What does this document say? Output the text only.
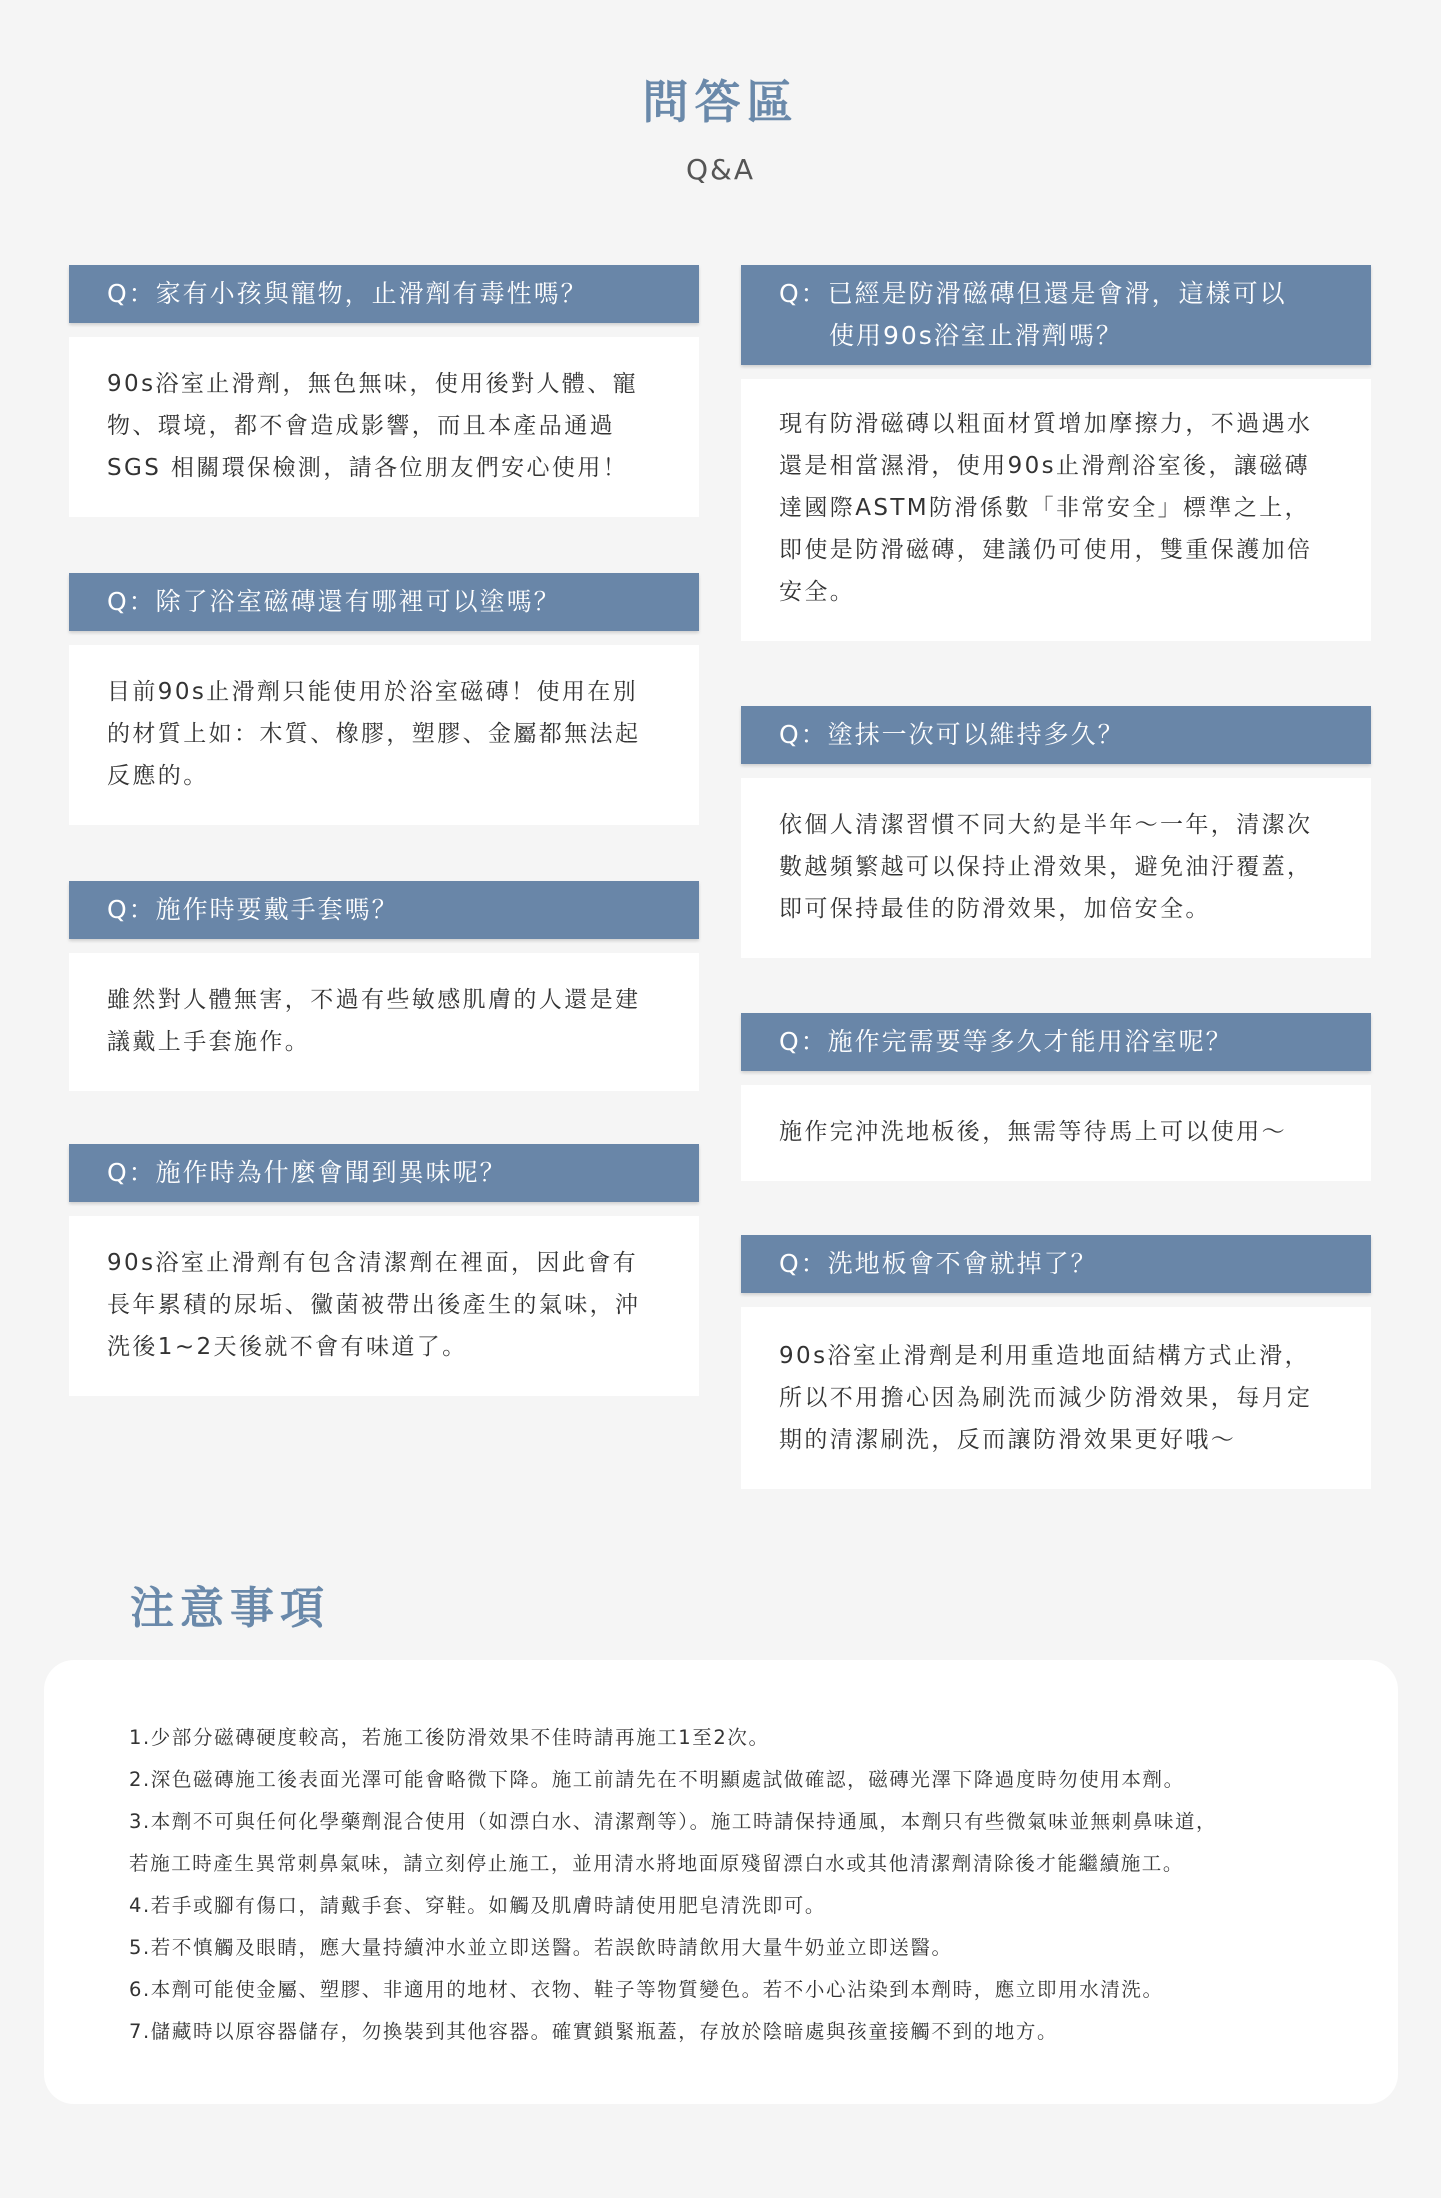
問答區
Q&A
Q：家有小孩與寵物，止滑劑有毒性嗎？
90s浴室止滑劑，無色無味，使用後對人體、寵
物、環境，都不會造成影響，而且本產品通過
SGS 相關環保檢測，請各位朋友們安心使用！
Q：除了浴室磁磚還有哪裡可以塗嗎？
目前90s止滑劑只能使用於浴室磁磚！使用在別
的材質上如：木質、橡膠，塑膠、金屬都無法起
反應的。
Q：施作時要戴手套嗎？
雖然對人體無害，不過有些敏感肌膚的人還是建
議戴上手套施作。
Q：施作時為什麼會聞到異味呢？
90s浴室止滑劑有包含清潔劑在裡面，因此會有
長年累積的尿垢、黴菌被帶出後產生的氣味，沖
洗後1~2天後就不會有味道了。
Q：已經是防滑磁磚但還是會滑，這樣可以
使用90s浴室止滑劑嗎？
現有防滑磁磚以粗面材質增加摩擦力，不過遇水
還是相當濕滑，使用90s止滑劑浴室後，讓磁磚
達國際ASTM防滑係數「非常安全」標準之上，
即使是防滑磁磚，建議仍可使用，雙重保護加倍
安全。
Q：塗抹一次可以維持多久？
依個人清潔習慣不同大約是半年～一年，清潔次
數越頻繁越可以保持止滑效果，避免油汙覆蓋，
即可保持最佳的防滑效果，加倍安全。
Q：施作完需要等多久才能用浴室呢？
施作完沖洗地板後，無需等待馬上可以使用～
Q：洗地板會不會就掉了？
90s浴室止滑劑是利用重造地面結構方式止滑，
所以不用擔心因為刷洗而減少防滑效果，每月定
期的清潔刷洗，反而讓防滑效果更好哦～
注意事項
1.少部分磁磚硬度較高，若施工後防滑效果不佳時請再施工1至2次。
2.深色磁磚施工後表面光澤可能會略微下降。施工前請先在不明顯處試做確認，磁磚光澤下降過度時勿使用本劑。
3.本劑不可與任何化學藥劑混合使用（如漂白水、清潔劑等）。施工時請保持通風，本劑只有些微氣味並無刺鼻味道，
若施工時產生異常刺鼻氣味，請立刻停止施工，並用清水將地面原殘留漂白水或其他清潔劑清除後才能繼續施工。
4.若手或腳有傷口，請戴手套、穿鞋。如觸及肌膚時請使用肥皂清洗即可。
5.若不慎觸及眼睛，應大量持續沖水並立即送醫。若誤飲時請飲用大量牛奶並立即送醫。
6.本劑可能使金屬、塑膠、非適用的地材、衣物、鞋子等物質變色。若不小心沾染到本劑時，應立即用水清洗。
7.儲藏時以原容器儲存，勿換裝到其他容器。確實鎖緊瓶蓋，存放於陰暗處與孩童接觸不到的地方。
